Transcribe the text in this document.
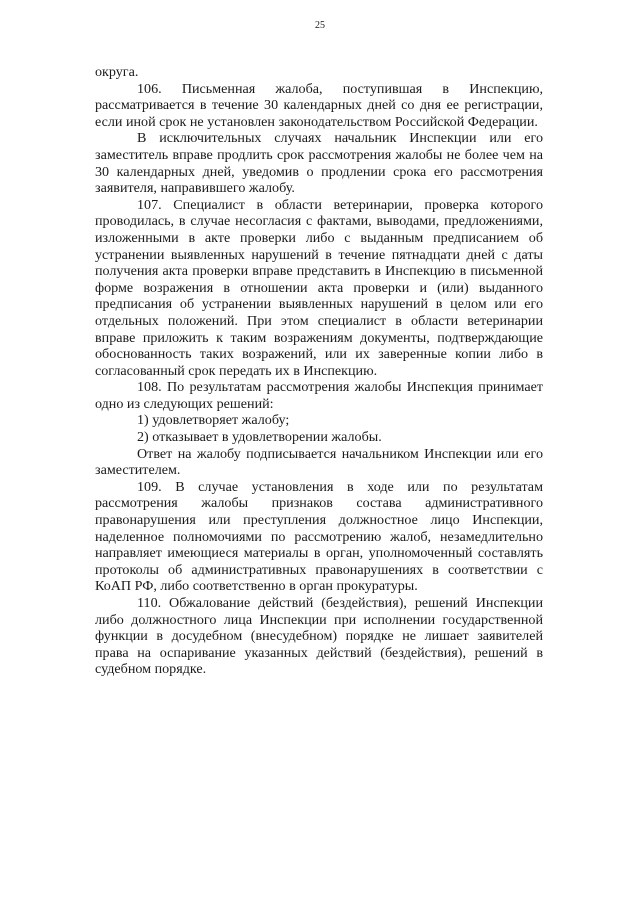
25

округа.

106. Письменная жалоба, поступившая в Инспекцию, рассматривается в течение 30 календарных дней со дня ее регистрации, если иной срок не установлен законодательством Российской Федерации.

В исключительных случаях начальник Инспекции или его заместитель вправе продлить срок рассмотрения жалобы не более чем на 30 календарных дней, уведомив о продлении срока его рассмотрения заявителя, направившего жалобу.

107. Специалист в области ветеринарии, проверка которого проводилась, в случае несогласия с фактами, выводами, предложениями, изложенными в акте проверки либо с выданным предписанием об устранении выявленных нарушений в течение пятнадцати дней с даты получения акта проверки вправе представить в Инспекцию в письменной форме возражения в отношении акта проверки и (или) выданного предписания об устранении выявленных нарушений в целом или его отдельных положений. При этом специалист в области ветеринарии вправе приложить к таким возражениям документы, подтверждающие обоснованность таких возражений, или их заверенные копии либо в согласованный срок передать их в Инспекцию.

108. По результатам рассмотрения жалобы Инспекция принимает одно из следующих решений:

1) удовлетворяет жалобу;

2) отказывает в удовлетворении жалобы.

Ответ на жалобу подписывается начальником Инспекции или его заместителем.

109. В случае установления в ходе или по результатам рассмотрения жалобы признаков состава административного правонарушения или преступления должностное лицо Инспекции, наделенное полномочиями по рассмотрению жалоб, незамедлительно направляет имеющиеся материалы в орган, уполномоченный составлять протоколы об административных правонарушениях в соответствии с КоАП РФ, либо соответственно в орган прокуратуры.

110. Обжалование действий (бездействия), решений Инспекции либо должностного лица Инспекции при исполнении государственной функции в досудебном (внесудебном) порядке не лишает заявителей права на оспаривание указанных действий (бездействия), решений в судебном порядке.
